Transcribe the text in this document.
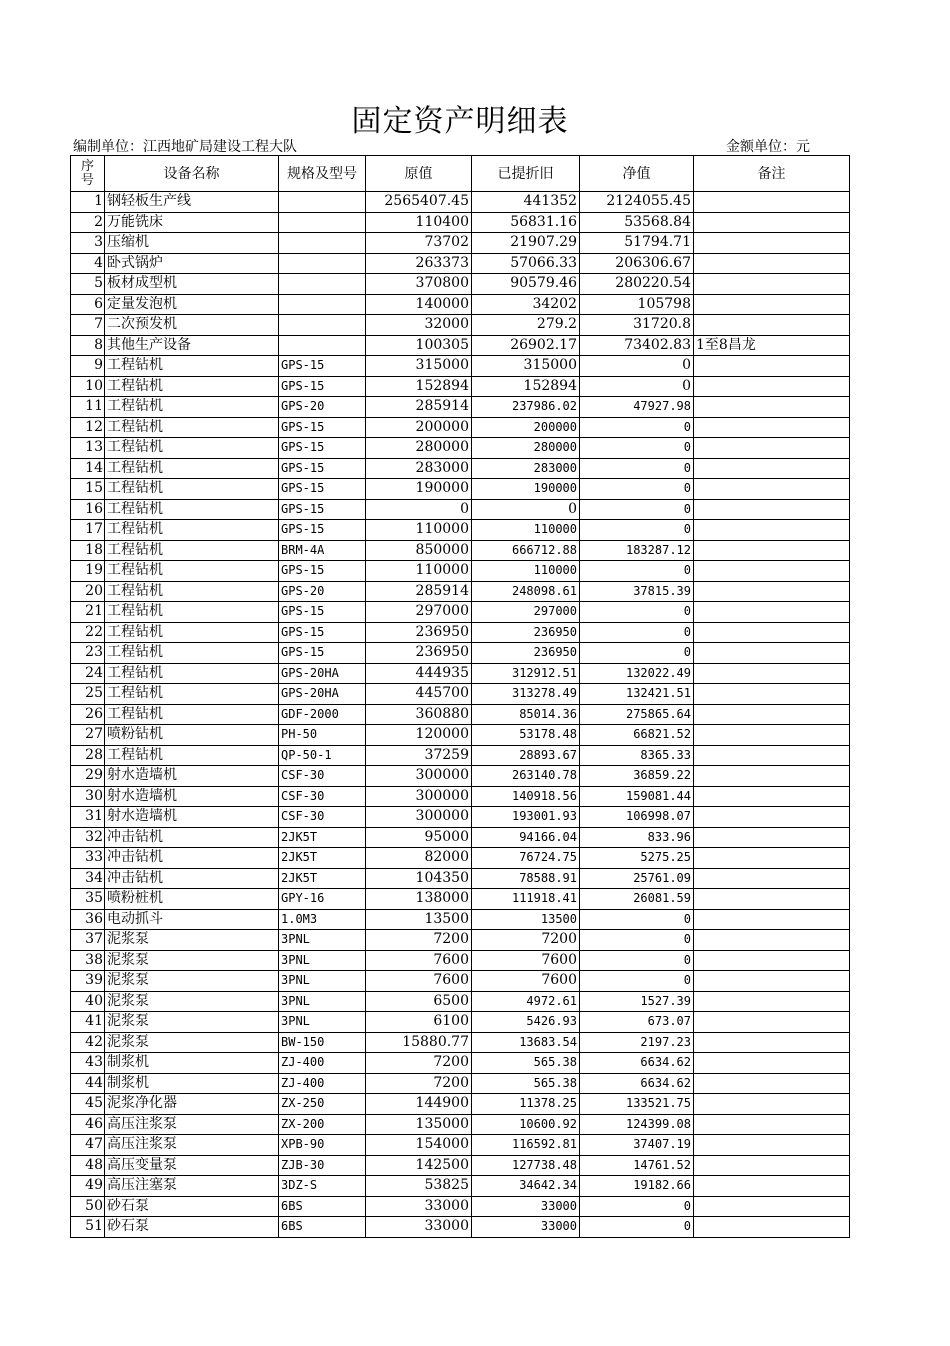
固定资产明细表
编制单位：江西地矿局建设工程大队	金额单位：元
序
号	设备名称	规格及型号	原值	已提折旧	净值	备注
1	钢轻板生产线		2565407.45	441352	2124055.45	
2	万能铣床		110400	56831.16	53568.84	
3	压缩机		73702	21907.29	51794.71	
4	卧式锅炉		263373	57066.33	206306.67	
5	板材成型机		370800	90579.46	280220.54	
6	定量发泡机		140000	34202	105798	
7	二次预发机		32000	279.2	31720.8	
8	其他生产设备		100305	26902.17	73402.83	1至8昌龙
9	工程钻机	GPS-15	315000	315000	0	
10	工程钻机	GPS-15	152894	152894	0	
11	工程钻机	GPS-20	285914	237986.02	47927.98	
12	工程钻机	GPS-15	200000	200000	0	
13	工程钻机	GPS-15	280000	280000	0	
14	工程钻机	GPS-15	283000	283000	0	
15	工程钻机	GPS-15	190000	190000	0	
16	工程钻机	GPS-15	0	0	0	
17	工程钻机	GPS-15	110000	110000	0	
18	工程钻机	BRM-4A	850000	666712.88	183287.12	
19	工程钻机	GPS-15	110000	110000	0	
20	工程钻机	GPS-20	285914	248098.61	37815.39	
21	工程钻机	GPS-15	297000	297000	0	
22	工程钻机	GPS-15	236950	236950	0	
23	工程钻机	GPS-15	236950	236950	0	
24	工程钻机	GPS-20HA	444935	312912.51	132022.49	
25	工程钻机	GPS-20HA	445700	313278.49	132421.51	
26	工程钻机	GDF-2000	360880	85014.36	275865.64	
27	喷粉钻机	PH-50	120000	53178.48	66821.52	
28	工程钻机	QP-50-1	37259	28893.67	8365.33	
29	射水造墙机	CSF-30	300000	263140.78	36859.22	
30	射水造墙机	CSF-30	300000	140918.56	159081.44	
31	射水造墙机	CSF-30	300000	193001.93	106998.07	
32	冲击钻机	2JK5T	95000	94166.04	833.96	
33	冲击钻机	2JK5T	82000	76724.75	5275.25	
34	冲击钻机	2JK5T	104350	78588.91	25761.09	
35	喷粉桩机	GPY-16	138000	111918.41	26081.59	
36	电动抓斗	1.0M3	13500	13500	0	
37	泥浆泵	3PNL	7200	7200	0	
38	泥浆泵	3PNL	7600	7600	0	
39	泥浆泵	3PNL	7600	7600	0	
40	泥浆泵	3PNL	6500	4972.61	1527.39	
41	泥浆泵	3PNL	6100	5426.93	673.07	
42	泥浆泵	BW-150	15880.77	13683.54	2197.23	
43	制浆机	ZJ-400	7200	565.38	6634.62	
44	制浆机	ZJ-400	7200	565.38	6634.62	
45	泥浆净化器	ZX-250	144900	11378.25	133521.75	
46	高压注浆泵	ZX-200	135000	10600.92	124399.08	
47	高压注浆泵	XPB-90	154000	116592.81	37407.19	
48	高压变量泵	ZJB-30	142500	127738.48	14761.52	
49	高压注塞泵	3DZ-S	53825	34642.34	19182.66	
50	砂石泵	6BS	33000	33000	0	
51	砂石泵	6BS	33000	33000	0	
